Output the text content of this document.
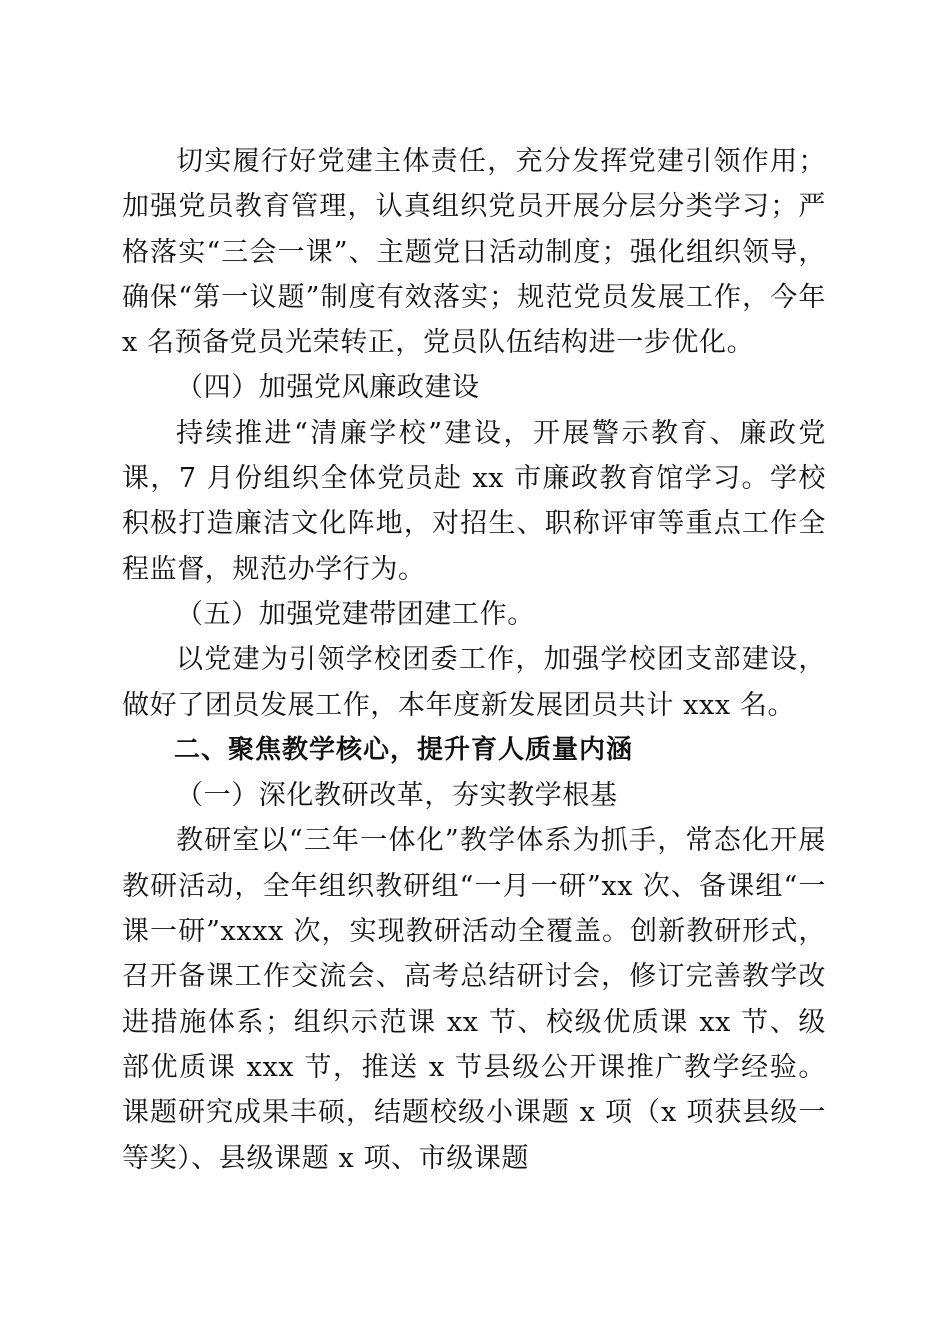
切实履行好党建主体责任，充分发挥党建引领作用；加强党员教育管理，认真组织党员开展分层分类学习；严格落实“三会一课”、主题党日活动制度；强化组织领导，确保“第一议题”制度有效落实；规范党员发展工作，今年 x 名预备党员光荣转正，党员队伍结构进一步优化。

（四）加强党风廉政建设

持续推进“清廉学校”建设，开展警示教育、廉政党课，7 月份组织全体党员赴 xx 市廉政教育馆学习。学校积极打造廉洁文化阵地，对招生、职称评审等重点工作全程监督，规范办学行为。

（五）加强党建带团建工作。

以党建为引领学校团委工作，加强学校团支部建设，做好了团员发展工作，本年度新发展团员共计 xxx 名。

二、聚焦教学核心，提升育人质量内涵

（一）深化教研改革，夯实教学根基

教研室以“三年一体化”教学体系为抓手，常态化开展教研活动，全年组织教研组“一月一研”xx 次、备课组“一课一研”xxxx 次，实现教研活动全覆盖。创新教研形式，召开备课工作交流会、高考总结研讨会，修订完善教学改进措施体系；组织示范课 xx 节、校级优质课 xx 节、级部优质课 xxx 节，推送 x 节县级公开课推广教学经验。课题研究成果丰硕，结题校级小课题 x 项（x 项获县级一等奖）、县级课题 x 项、市级课题
